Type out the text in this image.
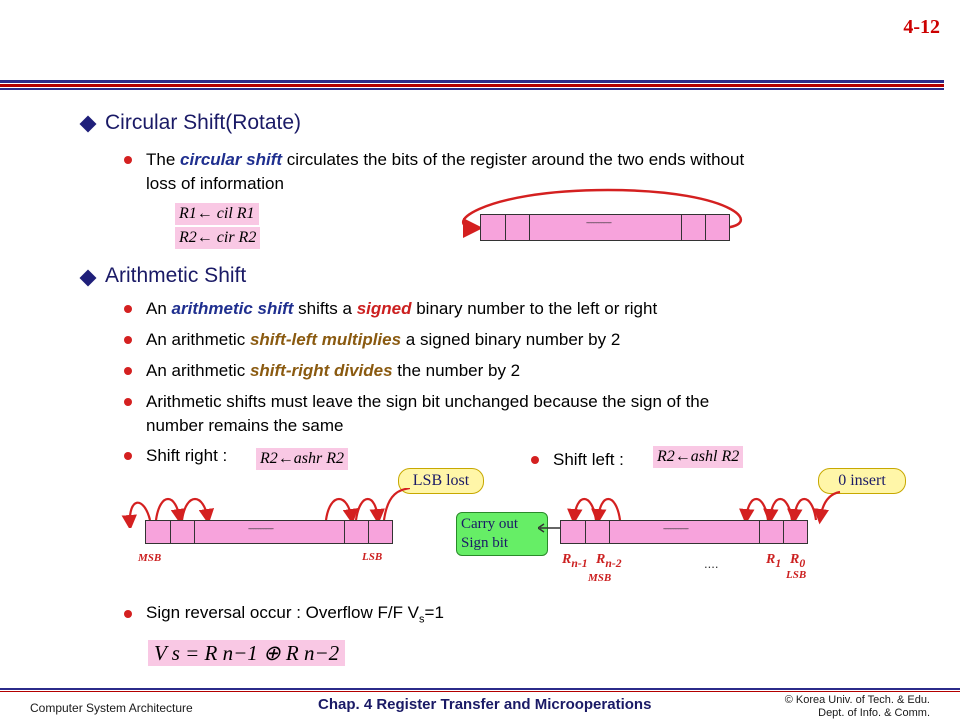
4-12
Circular Shift(Rotate)
The circular shift circulates the bits of the register around the two ends without
loss of information
R1← cil R1
R2← cir R2
---------------
Arithmetic Shift
An arithmetic shift shifts a signed binary number to the left or right
An arithmetic shift-left multiplies a signed binary number by 2
An arithmetic shift-right divides the number by 2
Arithmetic shifts must leave the sign bit unchanged because the sign of the
number remains the same
Shift right : R2←ashr R2	Shift left : R2←ashl R2
LSB lost
---------------
MSB	LSB
0 insert
---------------
Carry out
Sign bit
$R_{n-1}$ $R_{n-2}$
MSB
....	$R_1$ $R_0$
LSB
Sign reversal occur : Overflow F/F $V_s=1$
V s = R n−1 ⊕ R n−2
Computer System Architecture	Chap. 4 Register Transfer and Microoperations	© Korea Univ. of Tech. & Edu.
Dept. of Info. & Comm.
